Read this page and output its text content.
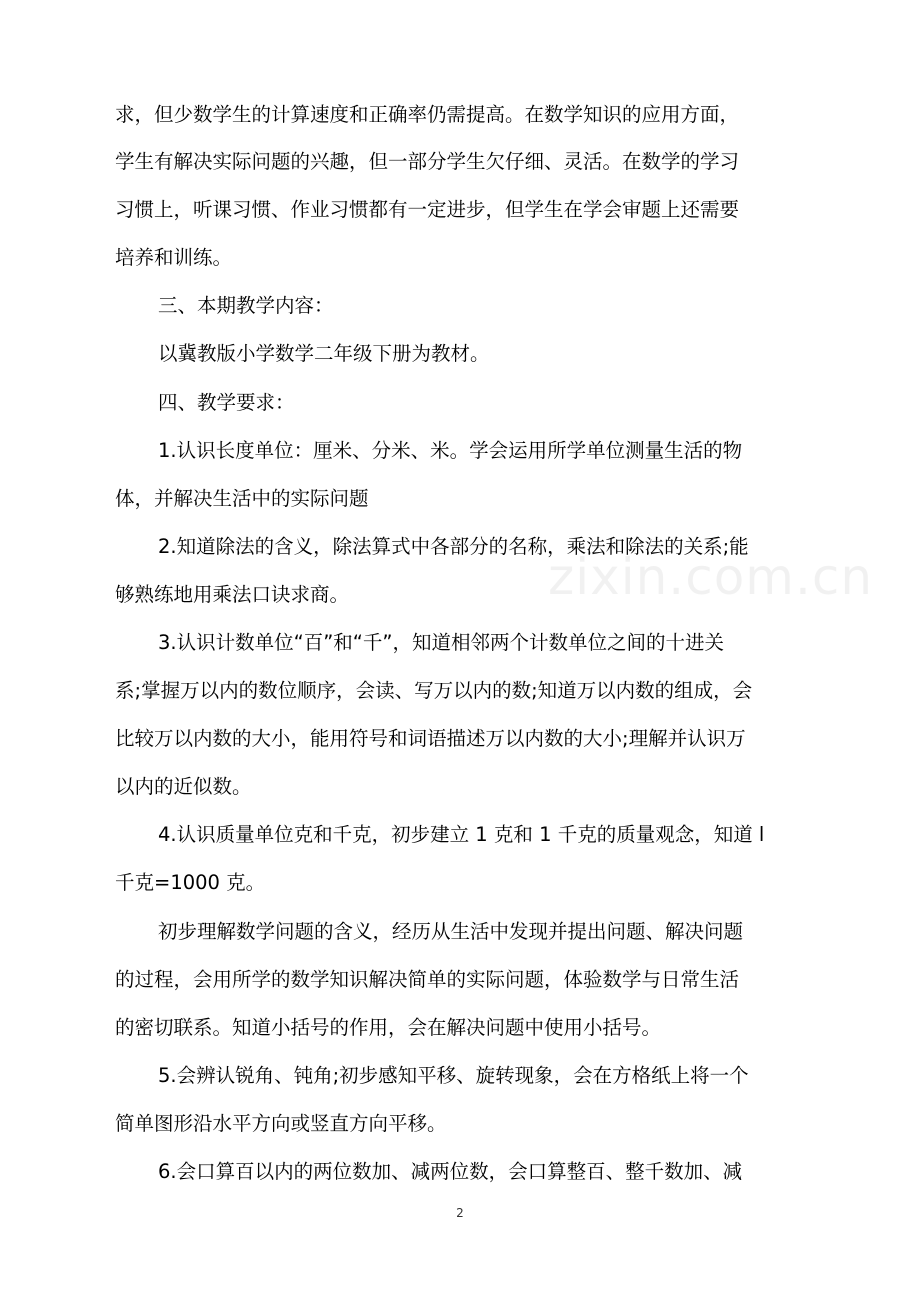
zixin.com.cn
求，但少数学生的计算速度和正确率仍需提高。在数学知识的应用方面，
学生有解决实际问题的兴趣，但一部分学生欠仔细、灵活。在数学的学习
习惯上，听课习惯、作业习惯都有一定进步，但学生在学会审题上还需要
培养和训练。
三、本期教学内容：
以冀教版小学数学二年级下册为教材。
四、教学要求：
1.认识长度单位：厘米、分米、米。学会运用所学单位测量生活的物
体，并解决生活中的实际问题
2.知道除法的含义，除法算式中各部分的名称，乘法和除法的关系;能
够熟练地用乘法口诀求商。
3.认识计数单位“百”和“千”，知道相邻两个计数单位之间的十进关
系;掌握万以内的数位顺序，会读、写万以内的数;知道万以内数的组成，会
比较万以内数的大小，能用符号和词语描述万以内数的大小;理解并认识万
以内的近似数。
4.认识质量单位克和千克，初步建立 1 克和 1 千克的质量观念，知道 l
千克=1000 克。
初步理解数学问题的含义，经历从生活中发现并提出问题、解决问题
的过程，会用所学的数学知识解决简单的实际问题，体验数学与日常生活
的密切联系。知道小括号的作用，会在解决问题中使用小括号。
5.会辨认锐角、钝角;初步感知平移、旋转现象，会在方格纸上将一个
简单图形沿水平方向或竖直方向平移。
6.会口算百以内的两位数加、减两位数，会口算整百、整千数加、减
2
